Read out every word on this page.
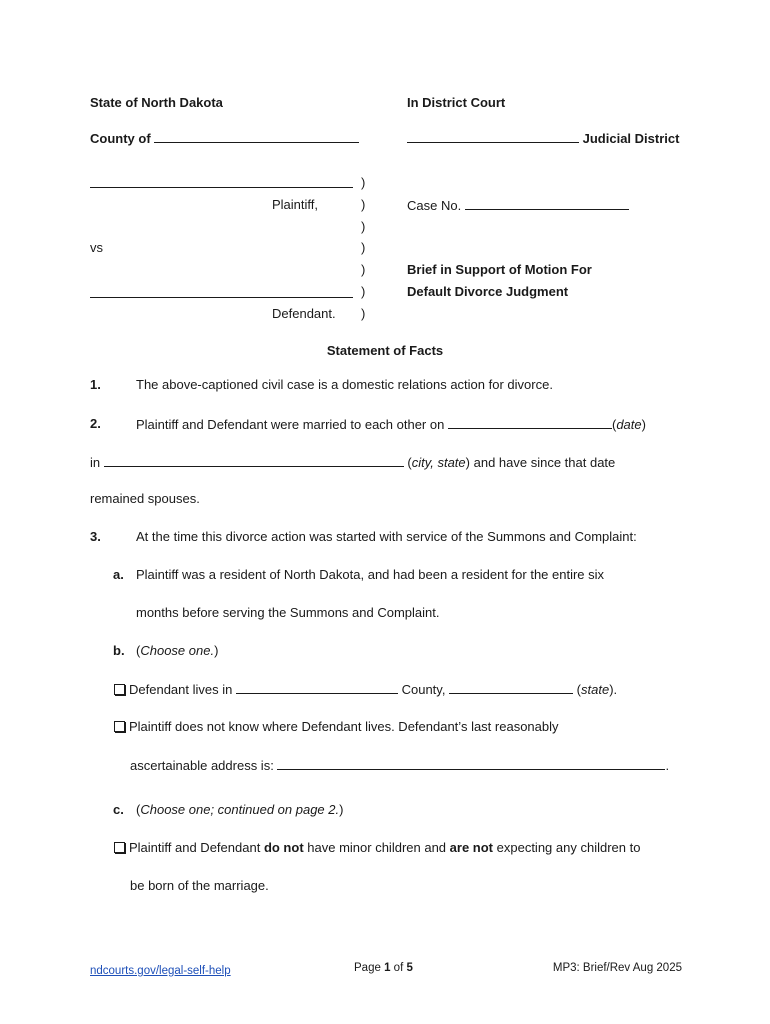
State of North Dakota	In District Court
County of	Judicial District
Plaintiff,
vs
Defendant.
)
)
)
)
)
)
)
Case No.
Brief in Support of Motion For
Default Divorce Judgment
Statement of Facts
1.	The above-captioned civil case is a domestic relations action for divorce.
2.	Plaintiff and Defendant were married to each other on	(date)
in	(city, state) and have since that date
remained spouses.
3.	At the time this divorce action was started with service of the Summons and Complaint:
a. Plaintiff was a resident of North Dakota, and had been a resident for the entire six
months before serving the Summons and Complaint.
b. (Choose one.)
Defendant lives in	County,	(state).
Plaintiff does not know where Defendant lives. Defendant’s last reasonably
ascertainable address is:	.
c. (Choose one; continued on page 2.)
Plaintiff and Defendant do not have minor children and are not expecting any children to
be born of the marriage.
ndcourts.gov/legal-self-help	Page 1 of 5	MP3: Brief/Rev Aug 2025
